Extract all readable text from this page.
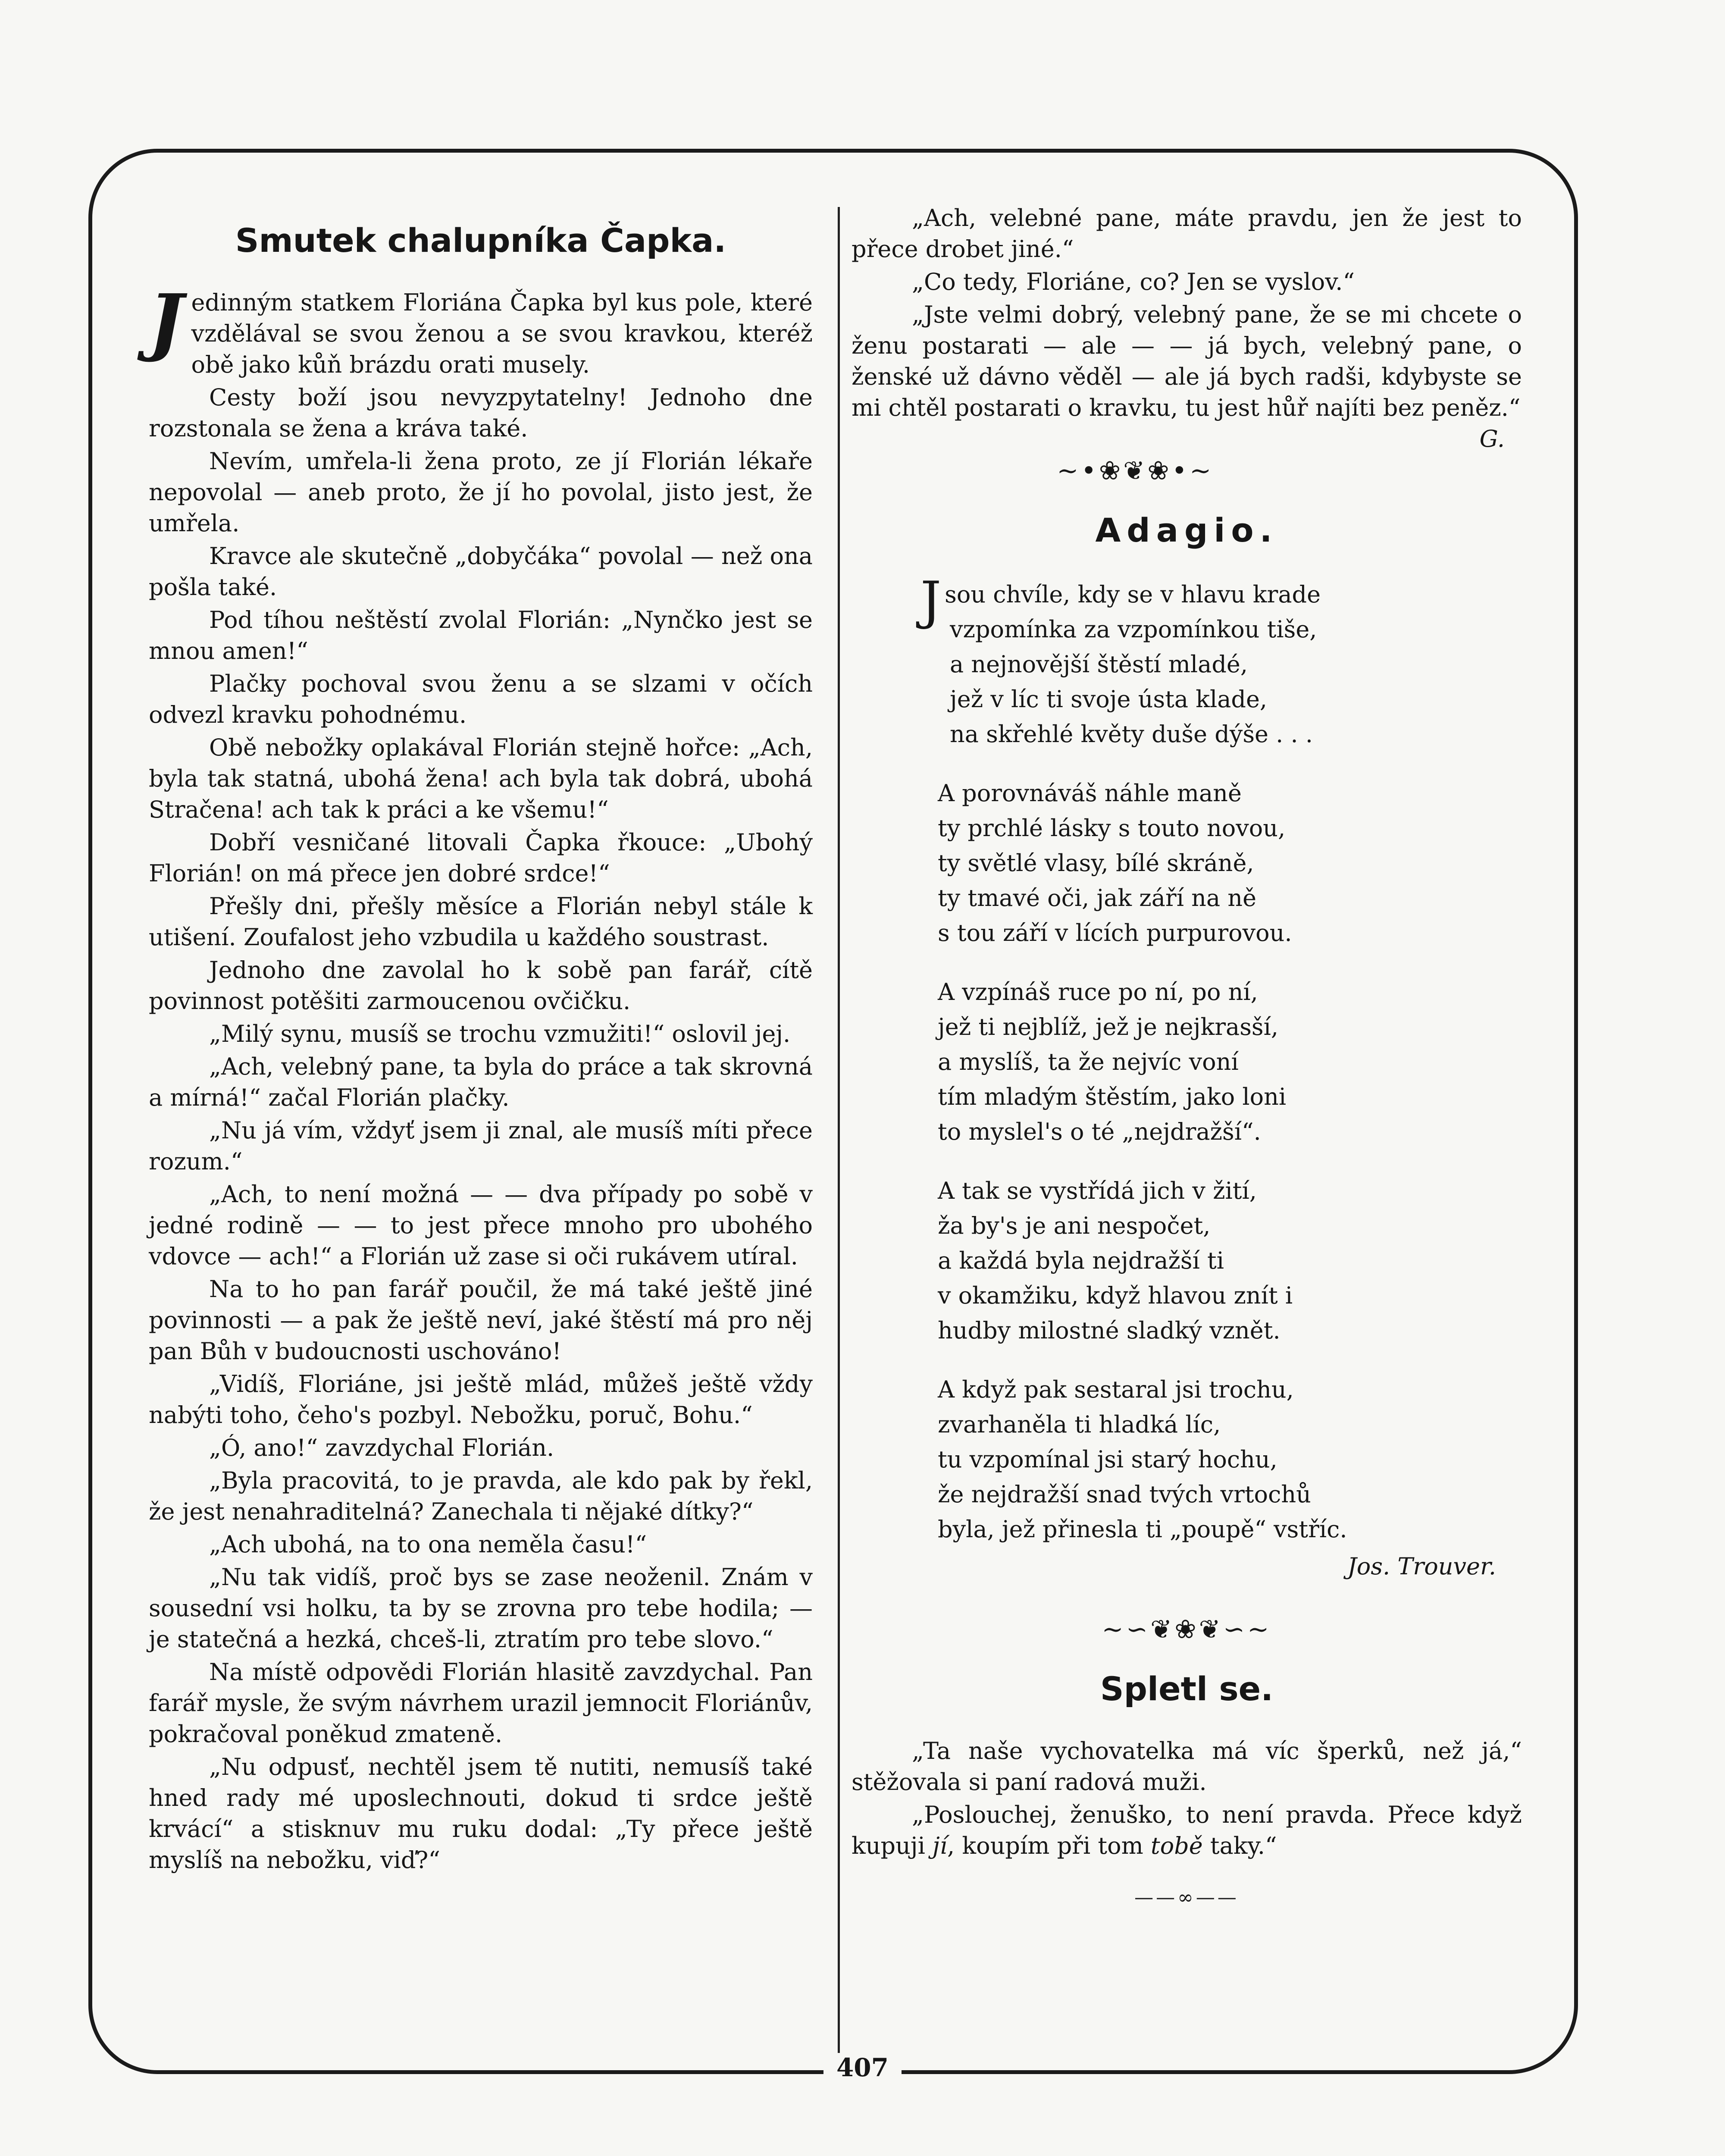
Smutek chalupníka Čapka.

Jedinným statkem Floriána Čapka byl kus pole, které vzdělával se svou ženou a se svou kravkou, kteréž obě jako kůň brázdu orati musely.

Cesty boží jsou nevyzpytatelny! Jednoho dne rozstonala se žena a kráva také.

Nevím, umřela-li žena proto, ze jí Florián lékaře nepovolal — aneb proto, že jí ho povolal, jisto jest, že umřela.

Kravce ale skutečně „dobyčáka“ povolal — než ona pošla také.

Pod tíhou neštěstí zvolal Florián: „Nynčko jest se mnou amen!“

Plačky pochoval svou ženu a se slzami v očích odvezl kravku pohodnému.

Obě nebožky oplakával Florián stejně hořce: „Ach, byla tak statná, ubohá žena! ach byla tak dobrá, ubohá Stračena! ach tak k práci a ke všemu!“

Dobří vesničané litovali Čapka řkouce: „Ubohý Florián! on má přece jen dobré srdce!“

Přešly dni, přešly měsíce a Florián nebyl stále k utišení. Zoufalost jeho vzbudila u každého soustrast.

Jednoho dne zavolal ho k sobě pan farář, cítě povinnost potěšiti zarmoucenou ovčičku.

„Milý synu, musíš se trochu vzmužiti!“ oslovil jej.

„Ach, velebný pane, ta byla do práce a tak skrovná a mírná!“ začal Florián plačky.

„Nu já vím, vždyť jsem ji znal, ale musíš míti přece rozum.“

„Ach, to není možná — — dva případy po sobě v jedné rodině — — to jest přece mnoho pro ubohého vdovce — ach!“ a Florián už zase si oči rukávem utíral.

Na to ho pan farář poučil, že má také ještě jiné povinnosti — a pak že ještě neví, jaké štěstí má pro něj pan Bůh v budoucnosti uschováno!

„Vidíš, Floriáne, jsi ještě mlád, můžeš ještě vždy nabýti toho, čeho's pozbyl. Nebožku, poruč, Bohu.“

„Ó, ano!“ zavzdychal Florián.

„Byla pracovitá, to je pravda, ale kdo pak by řekl, že jest nenahraditelná? Zanechala ti nějaké dítky?“

„Ach ubohá, na to ona neměla času!“

„Nu tak vidíš, proč bys se zase neoženil. Znám v sousední vsi holku, ta by se zrovna pro tebe hodila; — je statečná a hezká, chceš-li, ztratím pro tebe slovo.“

Na místě odpovědi Florián hlasitě zavzdychal. Pan farář mysle, že svým návrhem urazil jemnocit Floriánův, pokračoval poněkud zmateně.

„Nu odpusť, nechtěl jsem tě nutiti, nemusíš také hned rady mé uposlechnouti, dokud ti srdce ještě krvácí“ a stisknuv mu ruku dodal: „Ty přece ještě myslíš na nebožku, viď?“

„Ach, velebné pane, máte pravdu, jen že jest to přece drobet jiné.“

„Co tedy, Floriáne, co? Jen se vyslov.“

„Jste velmi dobrý, velebný pane, že se mi chcete o ženu postarati — ale — — já bych, velebný pane, o ženské už dávno věděl — ale já bych radši, kdybyste se mi chtěl postarati o kravku, tu jest hůř najíti bez peněz.“
G.

~•❀❦❀•~
Adagio.
Jsou chvíle, kdy se v hlavu krade
vzpomínka za vzpomínkou tiše,
a nejnovější štěstí mladé,
jež v líc ti svoje ústa klade,
na skřehlé květy duše dýše . . .
A porovnáváš náhle maně
ty prchlé lásky s touto novou,
ty světlé vlasy, bílé skráně,
ty tmavé oči, jak září na ně
s tou září v lících purpurovou.
A vzpínáš ruce po ní, po ní,
jež ti nejblíž, jež je nejkrasší,
a myslíš, ta že nejvíc voní
tím mladým štěstím, jako loni
to myslel's o té „nejdražší“.
A tak se vystřídá jich v žití,
ža by's je ani nespočet,
a každá byla nejdražší ti
v okamžiku, když hlavou znít i
hudby milostné sladký vznět.
A když pak sestaral jsi trochu,
zvarhaněla ti hladká líc,
tu vzpomínal jsi starý hochu,
že nejdražší snad tvých vrtochů
byla, jež přinesla ti „poupě“ vstříc.

Jos. Trouver.

~∽❦❀❦∽~
Spletl se.

„Ta naše vychovatelka má víc šperků, než já,“ stěžovala si paní radová muži.

„Poslouchej, ženuško, to není pravda. Přece když kupuji jí, koupím při tom tobě taky.“

——∞——
407
